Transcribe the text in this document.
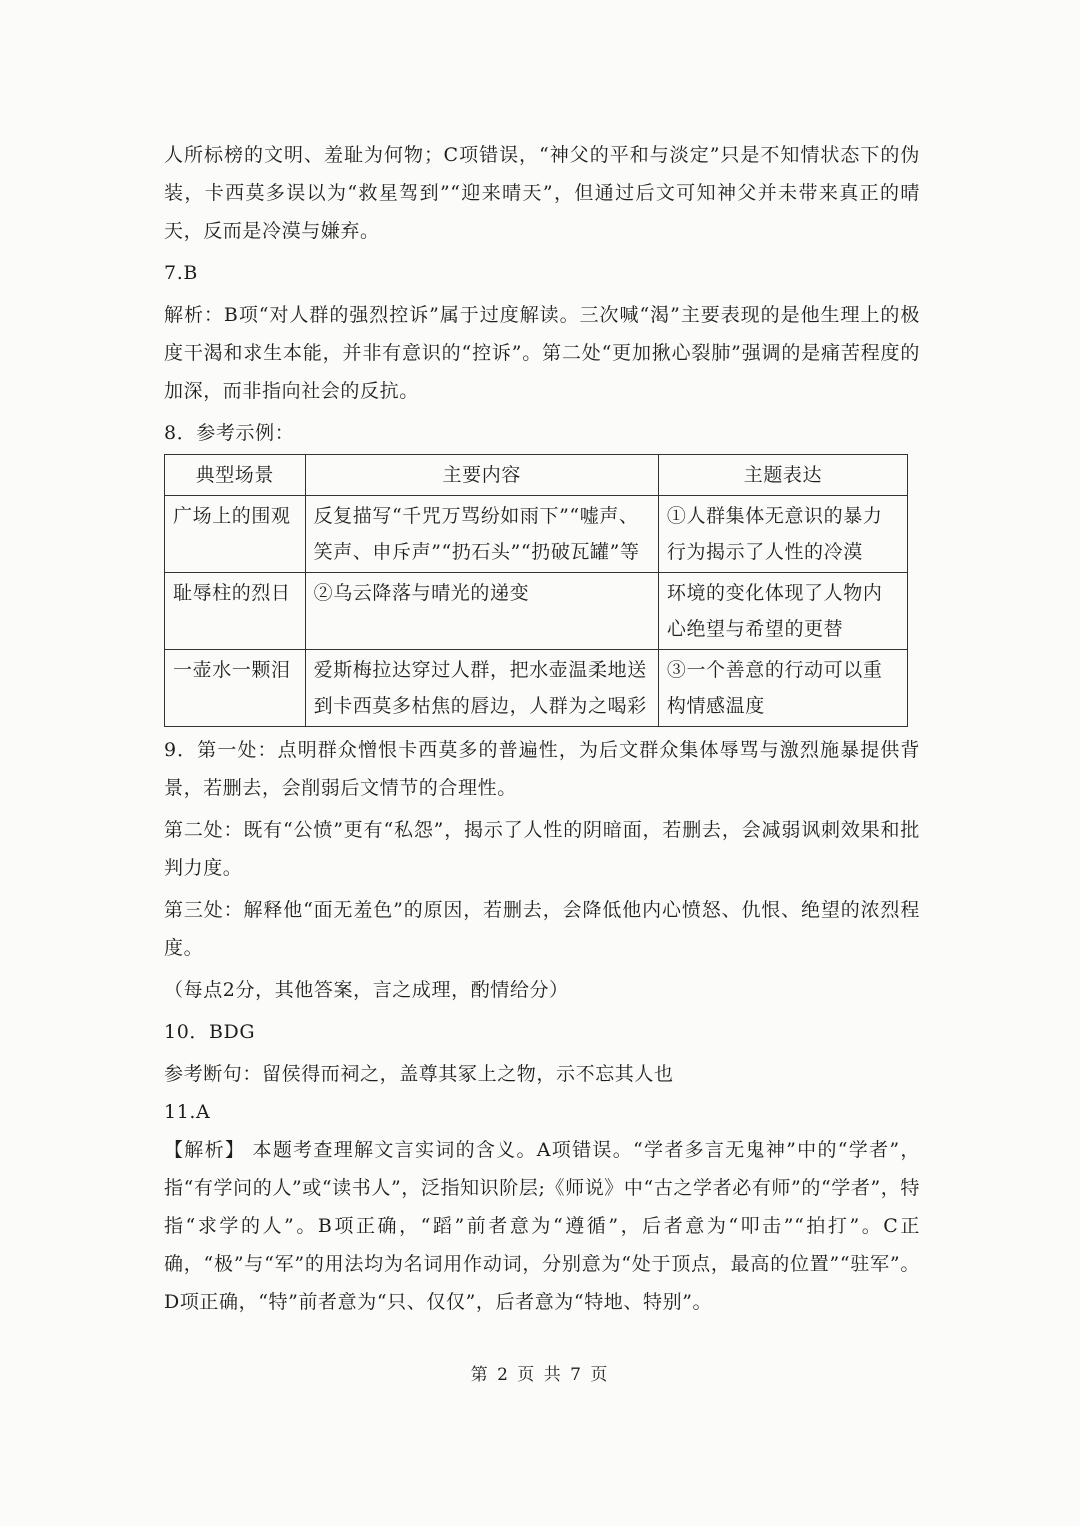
人所标榜的文明、羞耻为何物；C项错误，“神父的平和与淡定”只是不知情状态下的伪装，卡西莫多误以为“救星驾到”“迎来晴天”，但通过后文可知神父并未带来真正的晴天，反而是冷漠与嫌弃。

7.B

解析：B项“对人群的强烈控诉”属于过度解读。三次喊“渴”主要表现的是他生理上的极度干渴和求生本能，并非有意识的“控诉”。第二处“更加揪心裂肺”强调的是痛苦程度的加深，而非指向社会的反抗。

8．参考示例：

典型场景	主要内容	主题表达
广场上的围观	反复描写“千咒万骂纷如雨下”“嘘声、笑声、申斥声”“扔石头”“扔破瓦罐”等	①人群集体无意识的暴力行为揭示了人性的冷漠
耻辱柱的烈日	②乌云降落与晴光的递变	环境的变化体现了人物内心绝望与希望的更替
一壶水一颗泪	爱斯梅拉达穿过人群，把水壶温柔地送到卡西莫多枯焦的唇边，人群为之喝彩	③一个善意的行动可以重构情感温度

9．第一处：点明群众憎恨卡西莫多的普遍性，为后文群众集体辱骂与激烈施暴提供背景，若删去，会削弱后文情节的合理性。

第二处：既有“公愤”更有“私怨”，揭示了人性的阴暗面，若删去，会减弱讽刺效果和批判力度。

第三处：解释他“面无羞色”的原因，若删去，会降低他内心愤怒、仇恨、绝望的浓烈程度。

（每点2分，其他答案，言之成理，酌情给分）

10．BDG

参考断句：留侯得而祠之，盖尊其冢上之物，示不忘其人也

11.A

【解析】 本题考查理解文言实词的含义。A项错误。“学者多言无鬼神”中的“学者”，指“有学问的人”或“读书人”，泛指知识阶层;《师说》中“古之学者必有师”的“学者”，特指“求学的人”。B项正确，“蹈”前者意为“遵循”，后者意为“叩击”“拍打”。C正确，“极”与“军”的用法均为名词用作动词，分别意为“处于顶点，最高的位置”“驻军”。D项正确，“特”前者意为“只、仅仅”，后者意为“特地、特别”。

第 2 页 共 7 页
